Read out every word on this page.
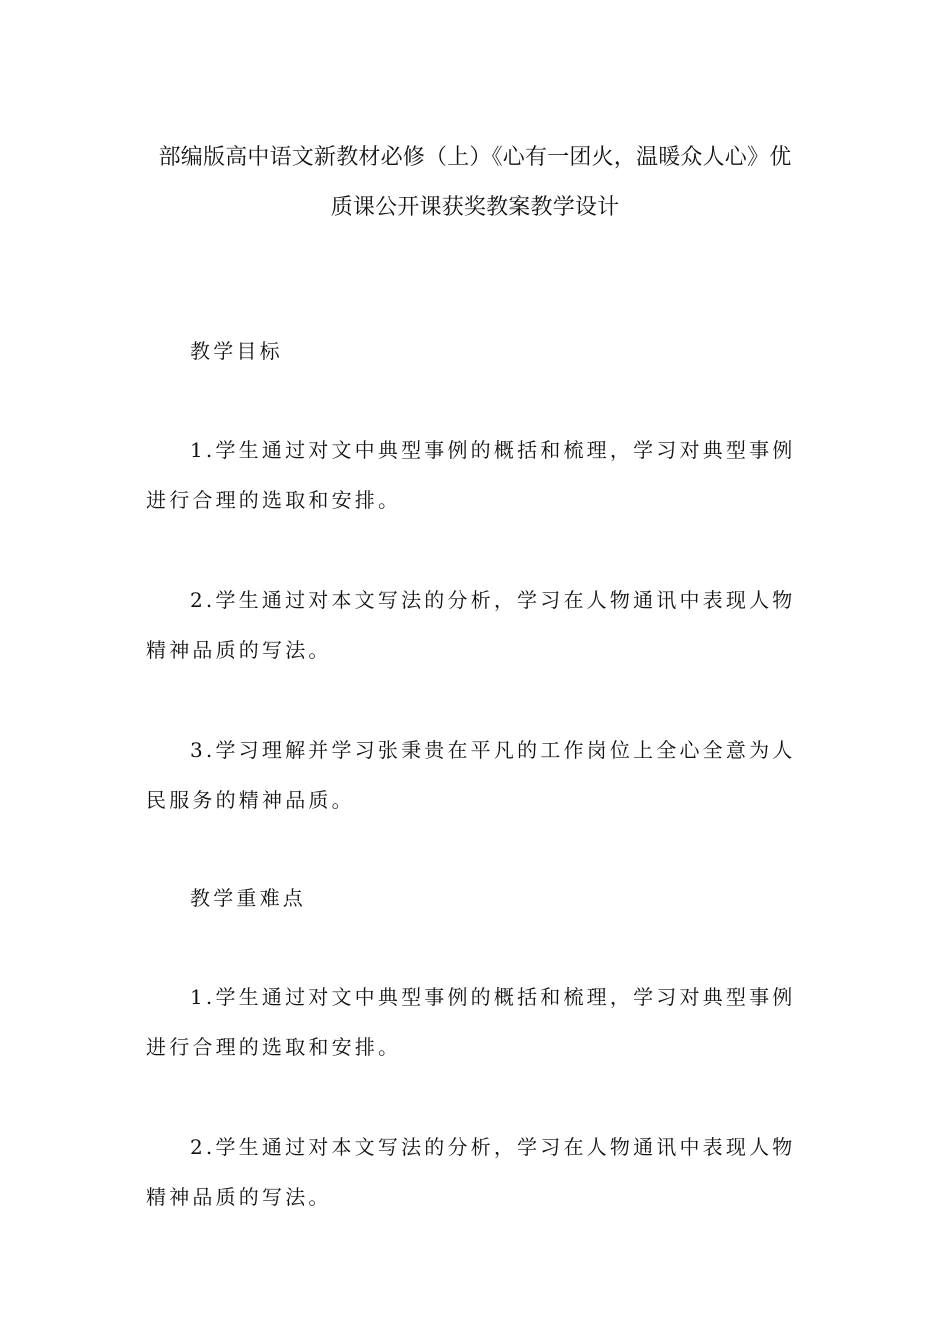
部编版高中语文新教材必修（上）《心有一团火，温暖众人心》优
质课公开课获奖教案教学设计
教学目标
1.学生通过对文中典型事例的概括和梳理，学习对典型事例进行合理的选取和安排。
2.学生通过对本文写法的分析，学习在人物通讯中表现人物精神品质的写法。
3.学习理解并学习张秉贵在平凡的工作岗位上全心全意为人民服务的精神品质。
教学重难点
1.学生通过对文中典型事例的概括和梳理，学习对典型事例进行合理的选取和安排。
2.学生通过对本文写法的分析，学习在人物通讯中表现人物精神品质的写法。
